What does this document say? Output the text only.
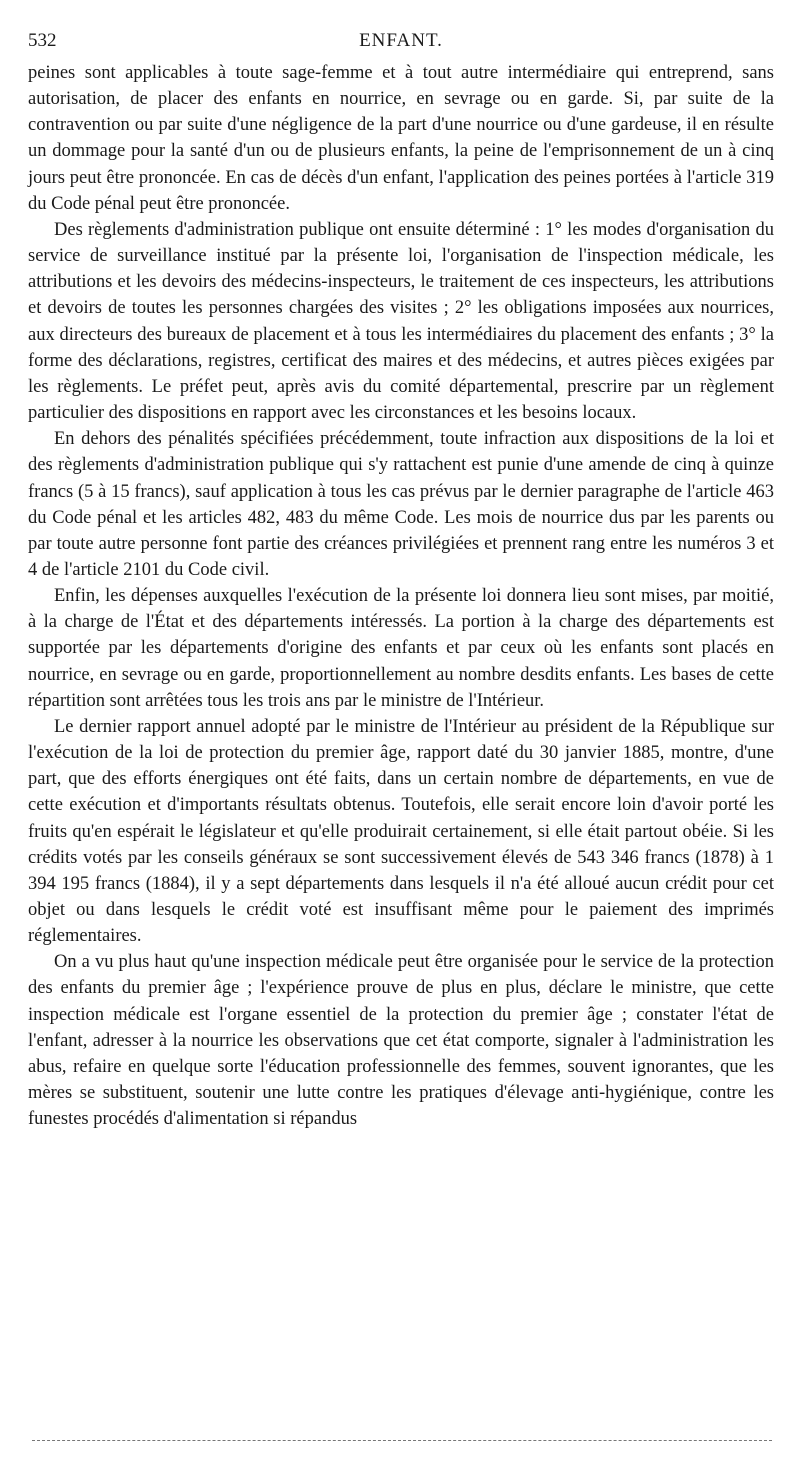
532	ENFANT.

peines sont applicables à toute sage-femme et à tout autre intermédiaire qui entreprend, sans autorisation, de placer des enfants en nourrice, en sevrage ou en garde. Si, par suite de la contravention ou par suite d'une négligence de la part d'une nourrice ou d'une gardeuse, il en résulte un dommage pour la santé d'un ou de plusieurs enfants, la peine de l'emprisonnement de un à cinq jours peut être prononcée. En cas de décès d'un enfant, l'application des peines portées à l'article 319 du Code pénal peut être prononcée.

Des règlements d'administration publique ont ensuite déterminé : 1° les modes d'organisation du service de surveillance institué par la présente loi, l'organisation de l'inspection médicale, les attributions et les devoirs des médecins-inspecteurs, le traitement de ces inspecteurs, les attributions et devoirs de toutes les personnes chargées des visites ; 2° les obligations imposées aux nourrices, aux directeurs des bureaux de placement et à tous les intermédiaires du placement des enfants ; 3° la forme des déclarations, registres, certificat des maires et des médecins, et autres pièces exigées par les règlements. Le préfet peut, après avis du comité départemental, prescrire par un règlement particulier des dispositions en rapport avec les circonstances et les besoins locaux.

En dehors des pénalités spécifiées précédemment, toute infraction aux dispositions de la loi et des règlements d'administration publique qui s'y rattachent est punie d'une amende de cinq à quinze francs (5 à 15 francs), sauf application à tous les cas prévus par le dernier paragraphe de l'article 463 du Code pénal et les articles 482, 483 du même Code. Les mois de nourrice dus par les parents ou par toute autre personne font partie des créances privilégiées et prennent rang entre les numéros 3 et 4 de l'article 2101 du Code civil.

Enfin, les dépenses auxquelles l'exécution de la présente loi donnera lieu sont mises, par moitié, à la charge de l'État et des départements intéressés. La portion à la charge des départements est supportée par les départements d'origine des enfants et par ceux où les enfants sont placés en nourrice, en sevrage ou en garde, proportionnellement au nombre desdits enfants. Les bases de cette répartition sont arrêtées tous les trois ans par le ministre de l'Intérieur.

Le dernier rapport annuel adopté par le ministre de l'Intérieur au président de la République sur l'exécution de la loi de protection du premier âge, rapport daté du 30 janvier 1885, montre, d'une part, que des efforts énergiques ont été faits, dans un certain nombre de départements, en vue de cette exécution et d'importants résultats obtenus. Toutefois, elle serait encore loin d'avoir porté les fruits qu'en espérait le législateur et qu'elle produirait certainement, si elle était partout obéie. Si les crédits votés par les conseils généraux se sont successivement élevés de 543 346 francs (1878) à 1 394 195 francs (1884), il y a sept départements dans lesquels il n'a été alloué aucun crédit pour cet objet ou dans lesquels le crédit voté est insuffisant même pour le paiement des imprimés réglementaires.

On a vu plus haut qu'une inspection médicale peut être organisée pour le service de la protection des enfants du premier âge ; l'expérience prouve de plus en plus, déclare le ministre, que cette inspection médicale est l'organe essentiel de la protection du premier âge ; constater l'état de l'enfant, adresser à la nourrice les observations que cet état comporte, signaler à l'administration les abus, refaire en quelque sorte l'éducation professionnelle des femmes, souvent ignorantes, que les mères se substituent, soutenir une lutte contre les pratiques d'élevage anti-hygiénique, contre les funestes procédés d'alimentation si répandus
